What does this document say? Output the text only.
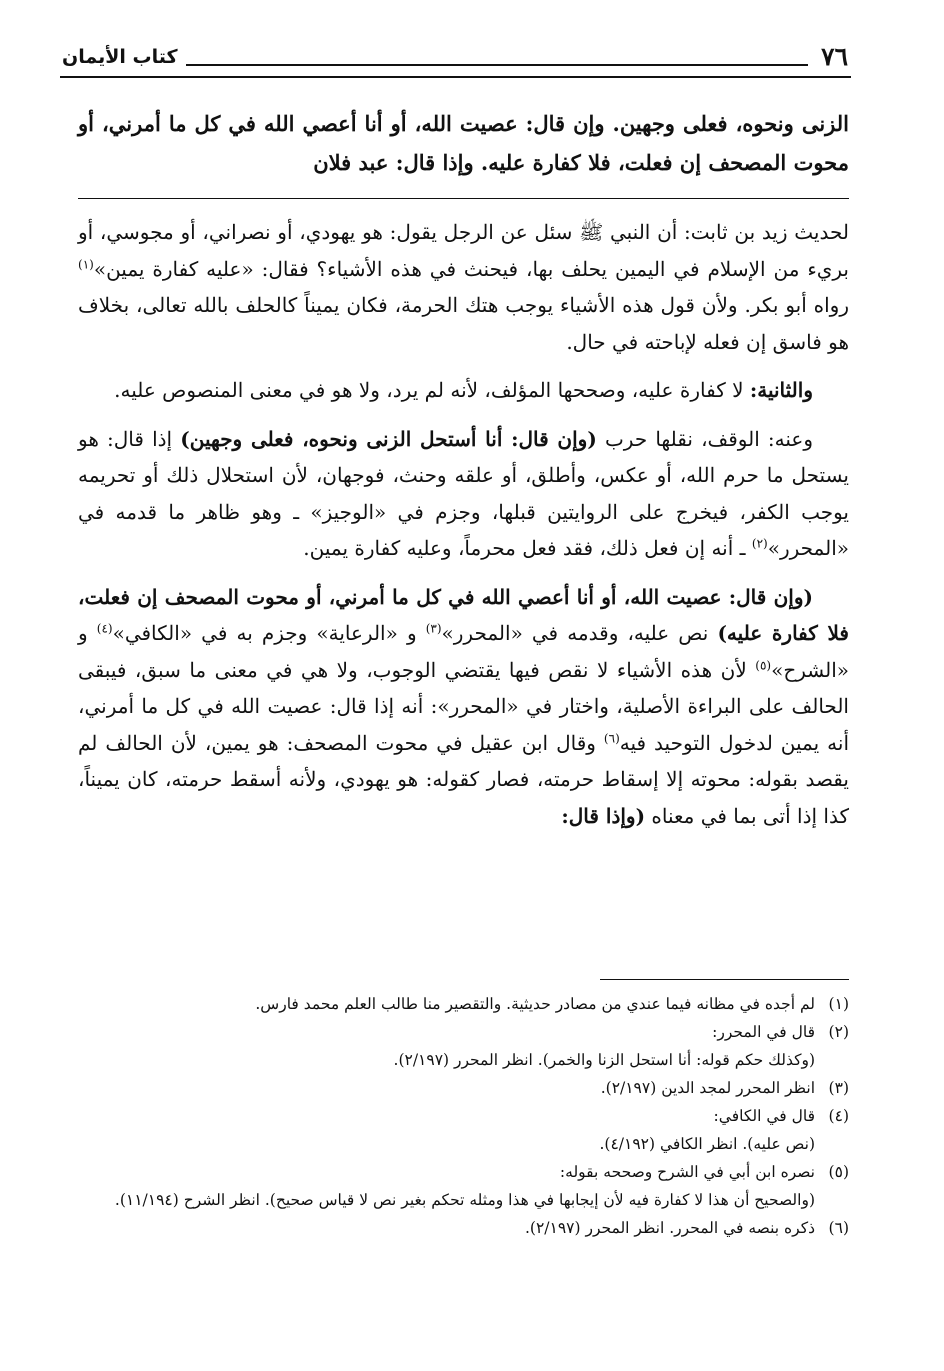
٧٦
كتاب الأيمان
الزنى ونحوه، فعلى وجهين. وإن قال: عصيت الله، أو أنا أعصي الله في كل ما أمرني، أو محوت المصحف إن فعلت، فلا كفارة عليه. وإذا قال: عبد فلان

لحديث زيد بن ثابت: أن النبي ﷺ سئل عن الرجل يقول: هو يهودي، أو نصراني، أو مجوسي، أو بريء من الإسلام في اليمين يحلف بها، فيحنث في هذه الأشياء؟ فقال: «عليه كفارة يمين»$^{(١)}$ رواه أبو بكر. ولأن قول هذه الأشياء يوجب هتك الحرمة، فكان يميناً كالحلف بالله تعالى، بخلاف هو فاسق إن فعله لإباحته في حال.

والثانية: لا كفارة عليه، وصححها المؤلف، لأنه لم يرد، ولا هو في معنى المنصوص عليه.

وعنه: الوقف، نقلها حرب (وإن قال: أنا أستحل الزنى ونحوه، فعلى وجهين) إذا قال: هو يستحل ما حرم الله، أو عكس، وأطلق، أو علقه وحنث، فوجهان، لأن استحلال ذلك أو تحريمه يوجب الكفر، فيخرج على الروايتين قبلها، وجزم في «الوجيز» ـ وهو ظاهر ما قدمه في «المحرر»$^{(٢)}$ ـ أنه إن فعل ذلك، فقد فعل محرماً، وعليه كفارة يمين.

(وإن قال: عصيت الله، أو أنا أعصي الله في كل ما أمرني، أو محوت المصحف إن فعلت، فلا كفارة عليه) نص عليه، وقدمه في «المحرر»$^{(٣)}$ و «الرعاية» وجزم به في «الكافي»$^{(٤)}$ و «الشرح»$^{(٥)}$ لأن هذه الأشياء لا نقص فيها يقتضي الوجوب، ولا هي في معنى ما سبق، فيبقى الحالف على البراءة الأصلية، واختار في «المحرر»: أنه إذا قال: عصيت الله في كل ما أمرني، أنه يمين لدخول التوحيد فيه$^{(٦)}$ وقال ابن عقيل في محوت المصحف: هو يمين، لأن الحالف لم يقصد بقوله: محوته إلا إسقاط حرمته، فصار كقوله: هو يهودي، ولأنه أسقط حرمته، كان يميناً، كذا إذا أتى بما في معناه (وإذا قال:

(١)
لم أجده في مظانه فيما عندي من مصادر حديثية. والتقصير منا طالب العلم محمد فارس.
(٢)
قال في المحرر:
(وكذلك حكم قوله: أنا استحل الزنا والخمر). انظر المحرر (٢/١٩٧).
(٣)
انظر المحرر لمجد الدين (٢/١٩٧).
(٤)
قال في الكافي:
(نص عليه). انظر الكافي (٤/١٩٢).
(٥)
نصره ابن أبي في الشرح وصححه بقوله:
(والصحيح أن هذا لا كفارة فيه لأن إيجابها في هذا ومثله تحكم بغير نص لا قياس صحيح). انظر الشرح (١١/١٩٤).
(٦)
ذكره بنصه في المحرر. انظر المحرر (٢/١٩٧).
